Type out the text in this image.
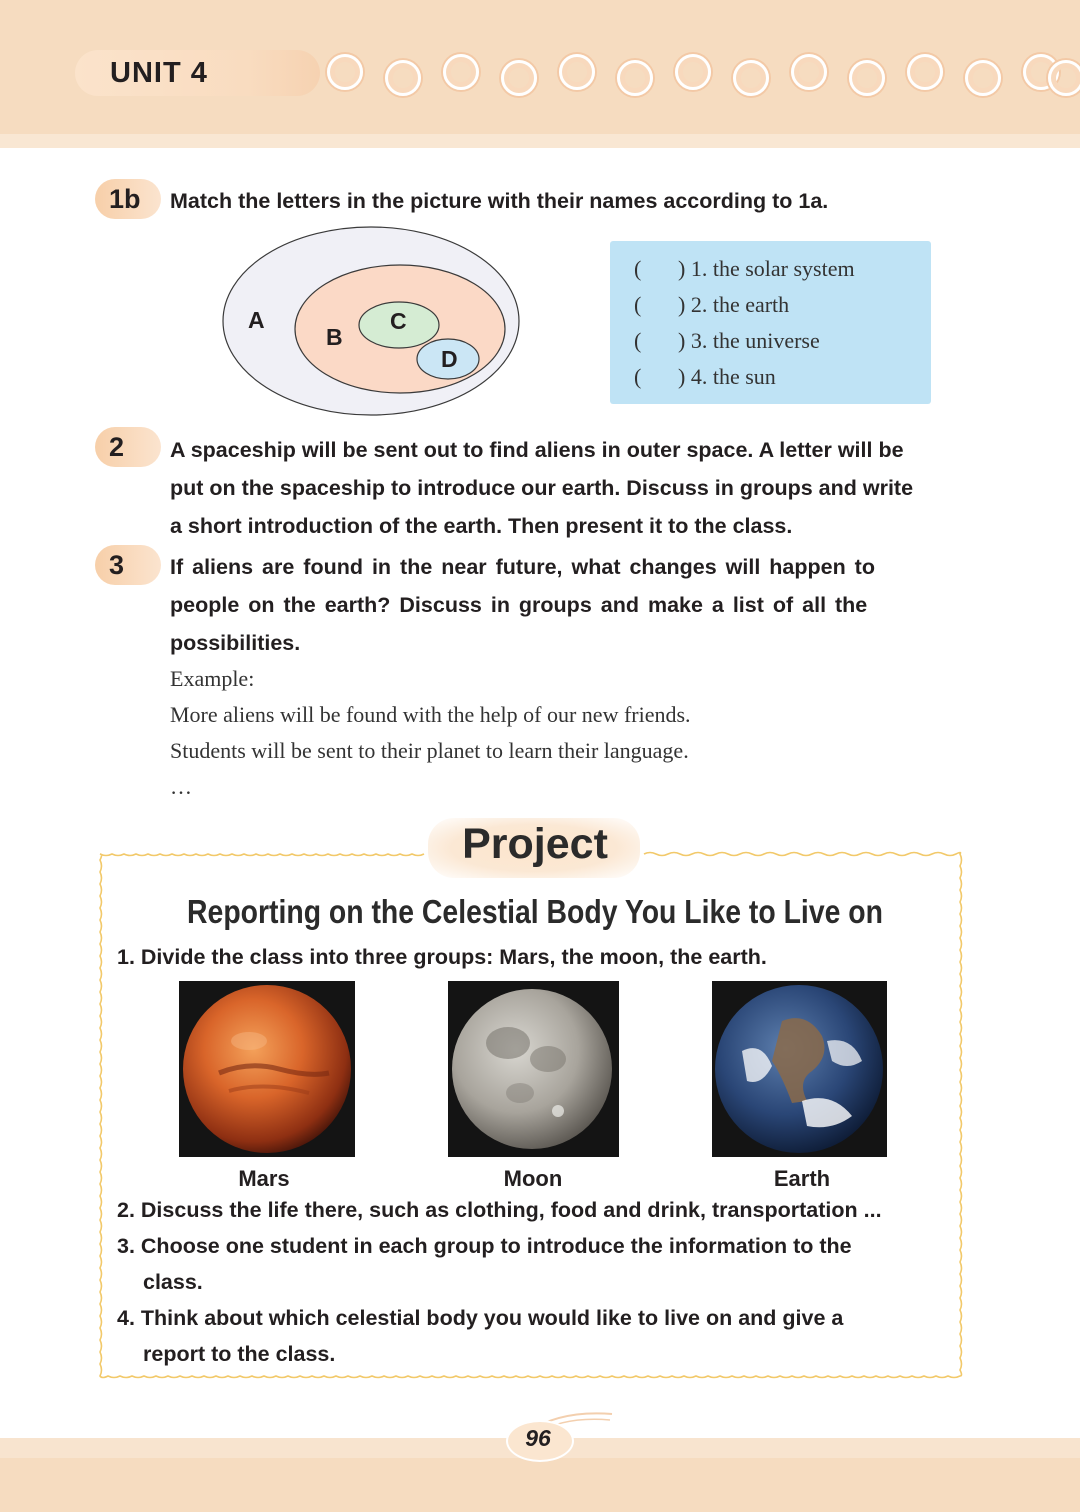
UNIT 4
1b	Match the letters in the picture with their names according to 1a.
A
B
C
D
( ) 1. the solar system
( ) 2. the earth
( ) 3. the universe
( ) 4. the sun
2	A spaceship will be sent out to find aliens in outer space. A letter will be
put on the spaceship to introduce our earth. Discuss in groups and write
a short introduction of the earth. Then present it to the class.
3	If aliens are found in the near future, what changes will happen to
people on the earth? Discuss in groups and make a list of all the
possibilities.
Example:
More aliens will be found with the help of our new friends.
Students will be sent to their planet to learn their language.
…
Project
Reporting on the Celestial Body You Like to Live on
1. Divide the class into three groups: Mars, the moon, the earth.
Mars	Moon	Earth
2. Discuss the life there, such as clothing, food and drink, transportation ...
3. Choose one student in each group to introduce the information to the
class.
4. Think about which celestial body you would like to live on and give a
report to the class.
96
